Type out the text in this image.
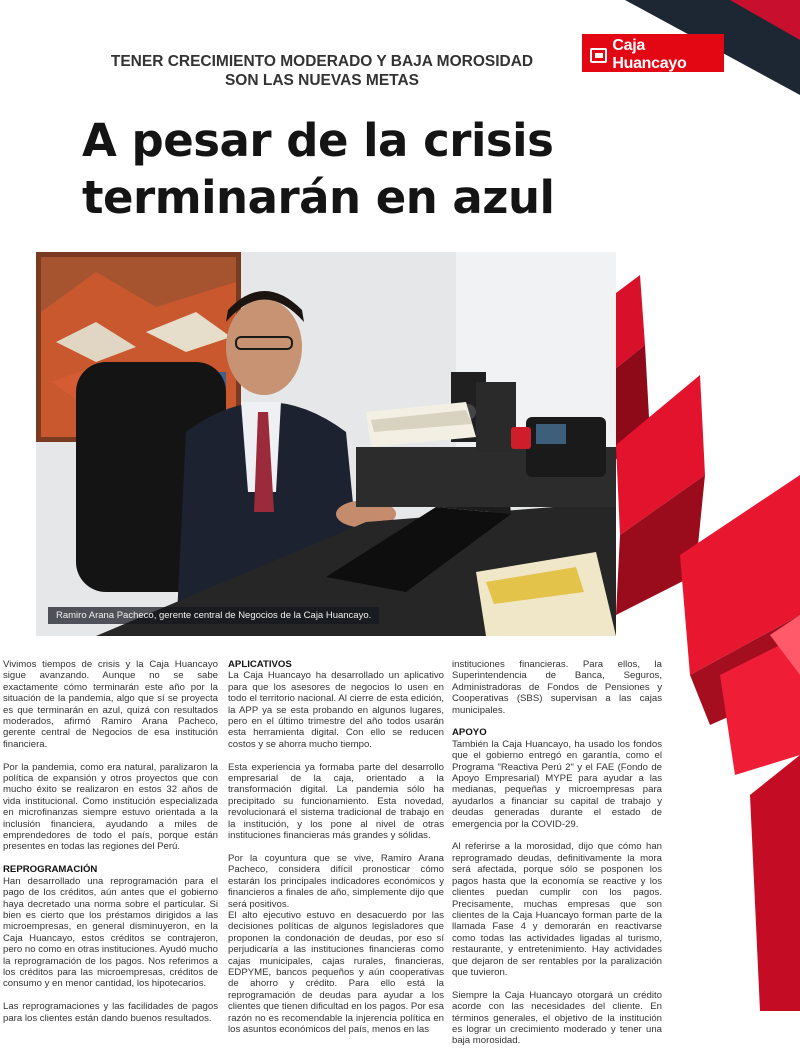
Caja Huancayo
La Caja del Perú
TENER CRECIMIENTO MODERADO Y BAJA MOROSIDAD SON LAS NUEVAS METAS
A pesar de la crisis
terminarán en azul
Ramiro Arana Pacheco, gerente central de Negocios de la Caja Huancayo.

Vivimos tiempos de crisis y la Caja Huancayo sigue avanzando. Aunque no se sabe exactamente cómo terminarán este año por la situación de la pandemia, algo que sí se proyecta es que terminarán en azul, quizá con resultados moderados, afirmó Ramiro Arana Pacheco, gerente central de Negocios de esa institución financiera.

Por la pandemia, como era natural, paralizaron la política de expansión y otros proyectos que con mucho éxito se realizaron en estos 32 años de vida institucional. Como institución especializada en microfinanzas siempre estuvo orientada a la inclusión financiera, ayudando a miles de emprendedores de todo el país, porque están presentes en todas las regiones del Perú.

REPROGRAMACIÓN

Han desarrollado una reprogramación para el pago de los créditos, aún antes que el gobierno haya decretado una norma sobre el particular. Si bien es cierto que los préstamos dirigidos a las microempresas, en general disminuyeron, en la Caja Huancayo, estos créditos se contrajeron, pero no como en otras instituciones. Ayudó mucho la reprogramación de los pagos. Nos referimos a los créditos para las microempresas, créditos de consumo y en menor cantidad, los hipotecarios.

Las reprogramaciones y las facilidades de pagos para los clientes están dando buenos resultados.

APLICATIVOS

La Caja Huancayo ha desarrollado un aplicativo para que los asesores de negocios lo usen en todo el territorio nacional. Al cierre de esta edición, la APP ya se esta probando en algunos lugares, pero en el último trimestre del año todos usarán esta herramienta digital. Con ello se reducen costos y se ahorra mucho tiempo.

Esta experiencia ya formaba parte del desarrollo empresarial de la caja, orientado a la transformación digital. La pandemia sólo ha precipitado su funcionamiento. Esta novedad, revolucionará el sistema tradicional de trabajo en la institución, y los pone al nivel de otras instituciones financieras más grandes y sólidas.

Por la coyuntura que se vive, Ramiro Arana Pacheco, considera difícil pronosticar cómo estarán los principales indicadores económicos y financieros a finales de año, simplemente dijo que será positivos.

El alto ejecutivo estuvo en desacuerdo por las decisiones políticas de algunos legisladores que proponen la condonación de deudas, por eso sí perjudicaría a las instituciones financieras como cajas municipales, cajas rurales, financieras, EDPYME, bancos pequeños y aún cooperativas de ahorro y crédito. Para ello está la reprogramación de deudas para ayudar a los clientes que tienen dificultad en los pagos. Por esa razón no es recomendable la injerencia política en los asuntos económicos del país, menos en las

instituciones financieras. Para ellos, la Superintendencia de Banca, Seguros, Administradoras de Fondos de Pensiones y Cooperativas (SBS) supervisan a las cajas municipales.

APOYO

También la Caja Huancayo, ha usado los fondos que el gobierno entregó en garantía, como el Programa "Reactiva Perú 2" y el FAE (Fondo de Apoyo Empresarial) MYPE para ayudar a las medianas, pequeñas y microempresas para ayudarlos a financiar su capital de trabajo y deudas generadas durante el estado de emergencia por la COVID-29.

Al referirse a la morosidad, dijo que cómo han reprogramado deudas, definitivamente la mora será afectada, porque sólo se posponen los pagos hasta que la economía se reactive y los clientes puedan cumplir con los pagos. Precisamente, muchas empresas que son clientes de la Caja Huancayo forman parte de la llamada Fase 4 y demorarán en reactivarse como todas las actividades ligadas al turismo, restaurante, y entretenimiento. Hay actividades que dejaron de ser rentables por la paralización que tuvieron.

Siempre la Caja Huancayo otorgará un crédito acorde con las necesidades del cliente. En términos generales, el objetivo de la institución es lograr un crecimiento moderado y tener una baja morosidad.
